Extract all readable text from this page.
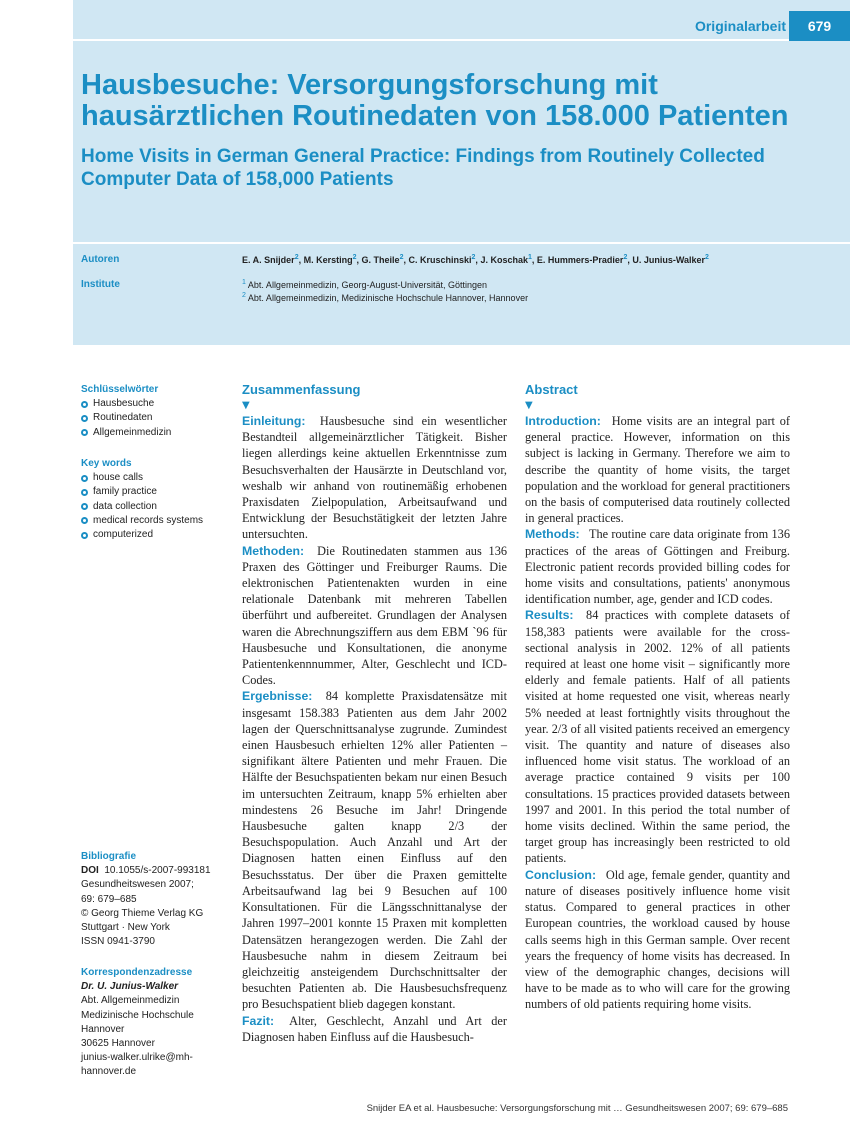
Originalarbeit	679
Hausbesuche: Versorgungsforschung mit hausärztlichen Routinedaten von 158.000 Patienten
Home Visits in German General Practice: Findings from Routinely Collected Computer Data of 158,000 Patients
Autoren	E. A. Snijder$^2$, M. Kersting$^2$, G. Theile$^2$, C. Kruschinski$^2$, J. Koschak$^1$, E. Hummers-Pradier$^2$, U. Junius-Walker$^2$
Institute	$^1$ Abt. Allgemeinmedizin, Georg-August-Universität, Göttingen
$^2$ Abt. Allgemeinmedizin, Medizinische Hochschule Hannover, Hannover
Schlüsselwörter
Hausbesuche
Routinedaten
Allgemeinmedizin
Key words
house calls
family practice
data collection
medical records systems
computerized
Bibliografie
DOI 10.1055/s-2007-993181
Gesundheitswesen 2007;
69: 679–685
© Georg Thieme Verlag KG
Stuttgart · New York
ISSN 0941-3790
Korrespondenzadresse
Dr. U. Junius-Walker
Abt. Allgemeinmedizin
Medizinische Hochschule
Hannover
30625 Hannover
junius-walker.ulrike@mh-
hannover.de
Zusammenfassung
▼

Einleitung:  Hausbesuche sind ein wesentlicher Bestandteil allgemeinärztlicher Tätigkeit. Bisher liegen allerdings keine aktuellen Erkenntnisse zum Besuchsverhalten der Hausärzte in Deutschland vor, weshalb wir anhand von routinemäßig erhobenen Praxisdaten Zielpopulation, Arbeitsaufwand und Entwicklung der Besuchstätigkeit der letzten Jahre untersuchten.

Methoden:  Die Routinedaten stammen aus 136 Praxen des Göttinger und Freiburger Raums. Die elektronischen Patientenakten wurden in eine relationale Datenbank mit mehreren Tabellen überführt und aufbereitet. Grundlagen der Analysen waren die Abrechnungsziffern aus dem EBM `96 für Hausbesuche und Konsultationen, die anonyme Patientenkennnummer, Alter, Geschlecht und ICD-Codes.

Ergebnisse:  84 komplette Praxisdatensätze mit insgesamt 158.383 Patienten aus dem Jahr 2002 lagen der Querschnittsanalyse zugrunde. Zumindest einen Hausbesuch erhielten 12% aller Patienten – signifikant ältere Patienten und mehr Frauen. Die Hälfte der Besuchspatienten bekam nur einen Besuch im untersuchten Zeitraum, knapp 5% erhielten aber mindestens 26 Besuche im Jahr! Dringende Hausbesuche galten knapp 2/3 der Besuchspopulation. Auch Anzahl und Art der Diagnosen hatten einen Einfluss auf den Besuchsstatus. Der über die Praxen gemittelte Arbeitsaufwand lag bei 9 Besuchen auf 100 Konsultationen. Für die Längsschnittanalyse der Jahren 1997–2001 konnte 15 Praxen mit kompletten Datensätzen herangezogen werden. Die Zahl der Hausbesuche nahm in diesem Zeitraum bei gleichzeitig ansteigendem Durchschnittsalter der besuchten Patienten ab. Die Hausbesuchsfrequenz pro Besuchspatient blieb dagegen konstant.

Fazit:  Alter, Geschlecht, Anzahl und Art der Diagnosen haben Einfluss auf die Hausbesuch-

Abstract
▼

Introduction:  Home visits are an integral part of general practice. However, information on this subject is lacking in Germany. Therefore we aim to describe the quantity of home visits, the target population and the workload for general practitioners on the basis of computerised data routinely collected in general practices.

Methods:  The routine care data originate from 136 practices of the areas of Göttingen and Freiburg. Electronic patient records provided billing codes for home visits and consultations, patients' anonymous identification number, age, gender and ICD codes.

Results:  84 practices with complete datasets of 158,383 patients were available for the cross-sectional analysis in 2002. 12% of all patients required at least one home visit – significantly more elderly and female patients. Half of all patients visited at home requested one visit, whereas nearly 5% needed at least fortnightly visits throughout the year. 2/3 of all visited patients received an emergency visit. The quantity and nature of diseases also influenced home visit status. The workload of an average practice contained 9 visits per 100 consultations. 15 practices provided datasets between 1997 and 2001. In this period the total number of home visits declined. Within the same period, the target group has increasingly been restricted to old patients.

Conclusion:  Old age, female gender, quantity and nature of diseases positively influence home visit status. Compared to general practices in other European countries, the workload caused by house calls seems high in this German sample. Over recent years the frequency of home visits has decreased. In view of the demographic changes, decisions will have to be made as to who will care for the growing numbers of old patients requiring home visits.

Snijder EA et al. Hausbesuche: Versorgungsforschung mit … Gesundheitswesen 2007; 69: 679–685
